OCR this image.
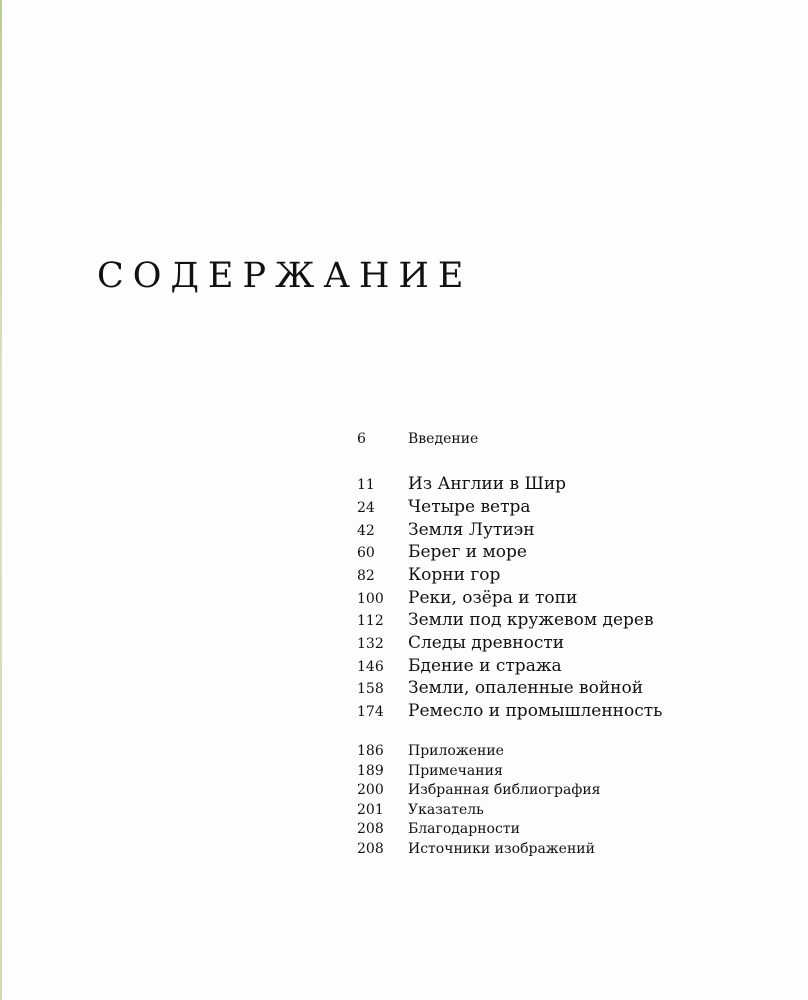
СОДЕРЖАНИЕ
6	Введение
11 Из Англии в Шир
24 Четыре ветра
42 Земля Лутиэн
60 Берег и море
82 Корни гор
100 Реки, озёра и топи
112 Земли под кружевом дерев
132 Следы древности
146 Бдение и стража
158 Земли, опаленные войной
174 Ремесло и промышленность
186 Приложение
189 Примечания
200 Избранная библиография
201 Указатель
208 Благодарности
208 Источники изображений
